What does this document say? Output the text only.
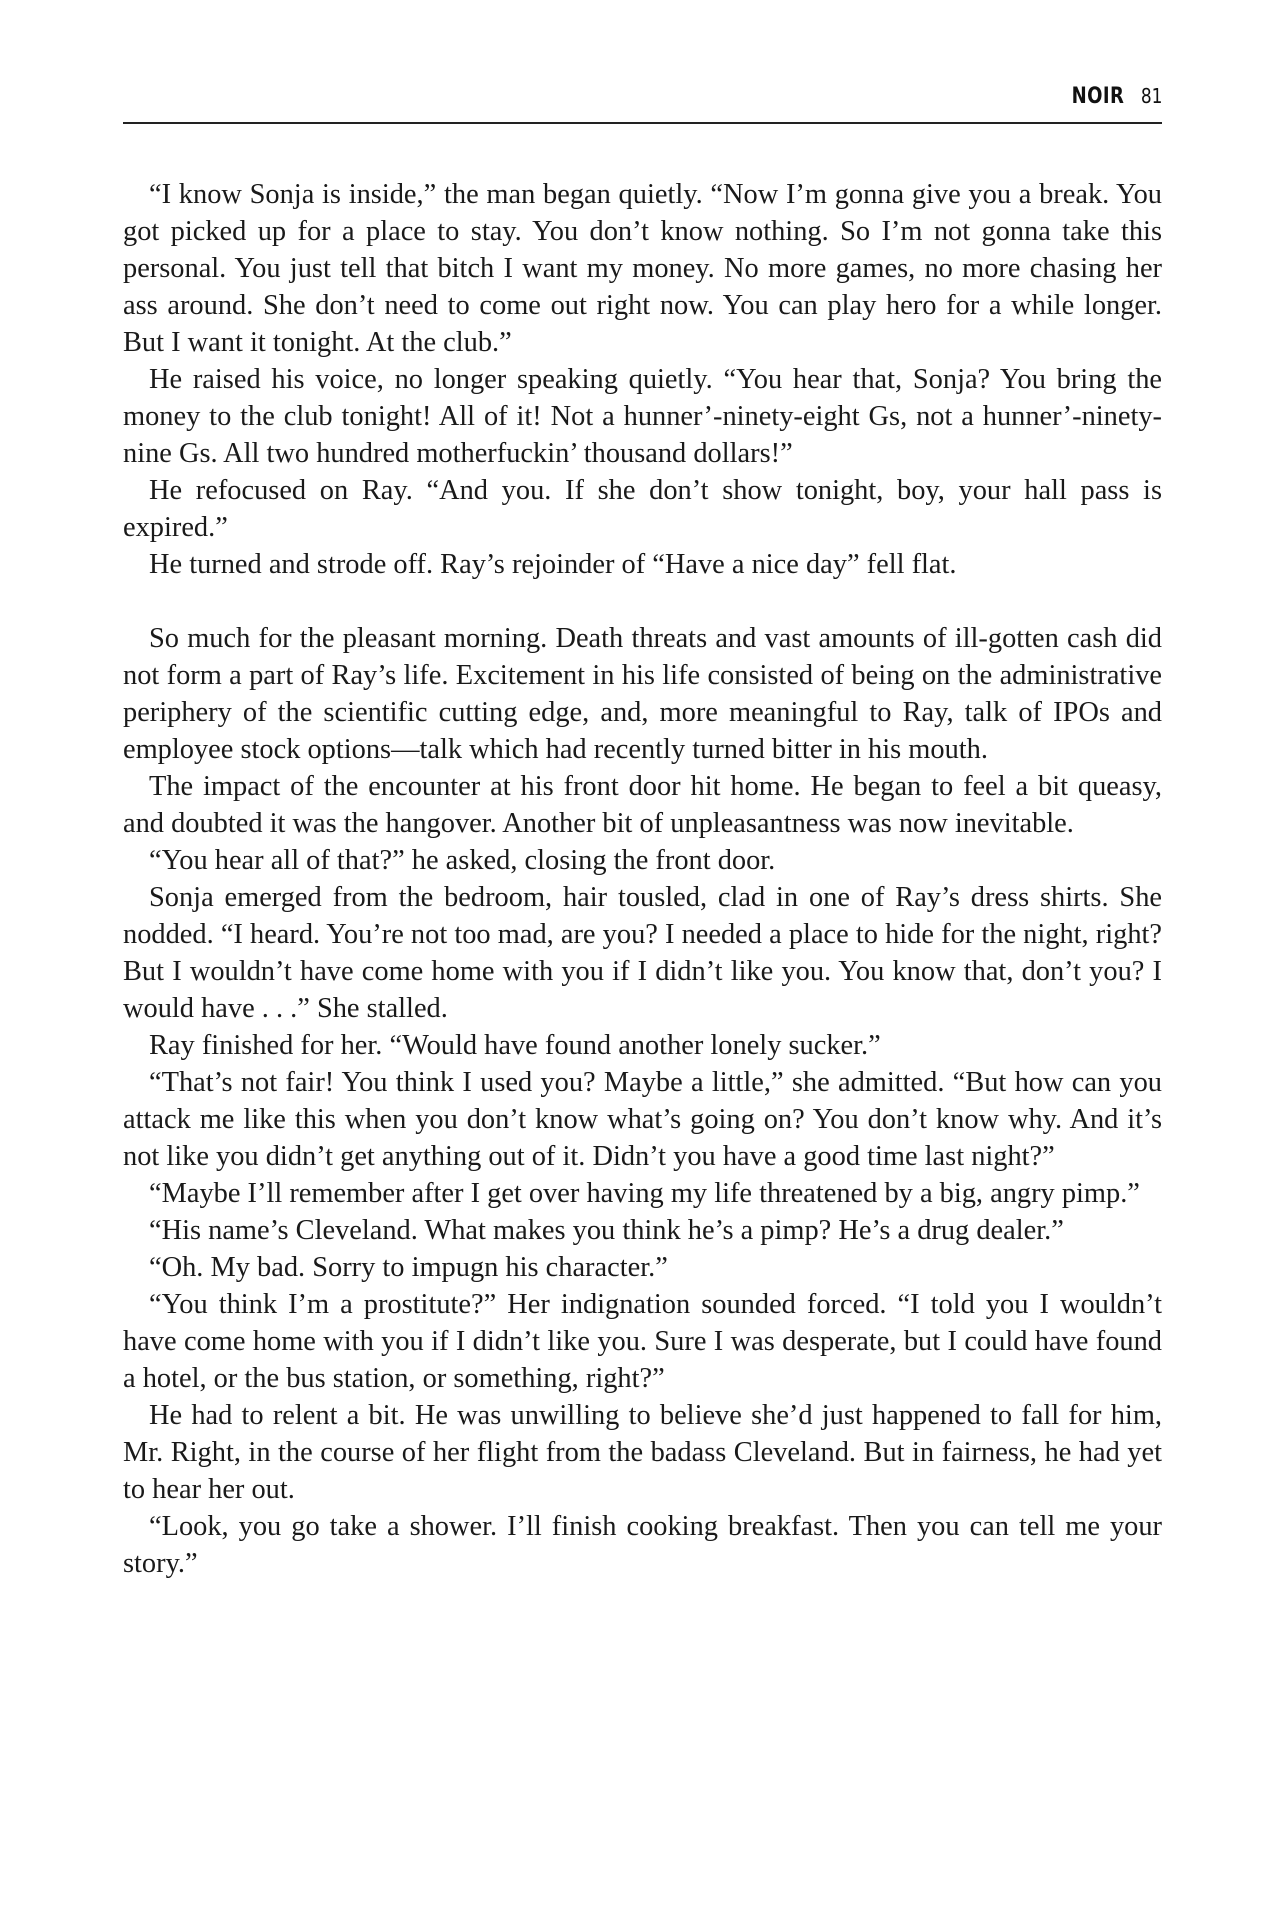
NOIR 81

“I know Sonja is inside,” the man began quietly. “Now I’m gonna give you a break. You got picked up for a place to stay. You don’t know nothing. So I’m not gonna take this personal. You just tell that bitch I want my money. No more games, no more chasing her ass around. She don’t need to come out right now. You can play hero for a while longer. But I want it tonight. At the club.”

He raised his voice, no longer speaking quietly. “You hear that, Sonja? You bring the money to the club tonight! All of it! Not a hunner’-ninety-eight Gs, not a hunner’-ninety-nine Gs. All two hundred motherfuckin’ thousand dollars!”

He refocused on Ray. “And you. If she don’t show tonight, boy, your hall pass is expired.”

He turned and strode off. Ray’s rejoinder of “Have a nice day” fell flat.

So much for the pleasant morning. Death threats and vast amounts of ill-gotten cash did not form a part of Ray’s life. Excitement in his life consisted of being on the administrative periphery of the scientific cutting edge, and, more meaningful to Ray, talk of IPOs and employee stock options—talk which had recently turned bitter in his mouth.

The impact of the encounter at his front door hit home. He began to feel a bit queasy, and doubted it was the hangover. Another bit of unpleasantness was now inevitable.

“You hear all of that?” he asked, closing the front door.

Sonja emerged from the bedroom, hair tousled, clad in one of Ray’s dress shirts. She nodded. “I heard. You’re not too mad, are you? I needed a place to hide for the night, right? But I wouldn’t have come home with you if I didn’t like you. You know that, don’t you? I would have . . .” She stalled.

Ray finished for her. “Would have found another lonely sucker.”

“That’s not fair! You think I used you? Maybe a little,” she admitted. “But how can you attack me like this when you don’t know what’s going on? You don’t know why. And it’s not like you didn’t get anything out of it. Didn’t you have a good time last night?”

“Maybe I’ll remember after I get over having my life threatened by a big, angry pimp.”

“His name’s Cleveland. What makes you think he’s a pimp? He’s a drug dealer.”

“Oh. My bad. Sorry to impugn his character.”

“You think I’m a prostitute?” Her indignation sounded forced. “I told you I wouldn’t have come home with you if I didn’t like you. Sure I was desperate, but I could have found a hotel, or the bus station, or something, right?”

He had to relent a bit. He was unwilling to believe she’d just happened to fall for him, Mr. Right, in the course of her flight from the badass Cleveland. But in fairness, he had yet to hear her out.

“Look, you go take a shower. I’ll finish cooking breakfast. Then you can tell me your story.”
